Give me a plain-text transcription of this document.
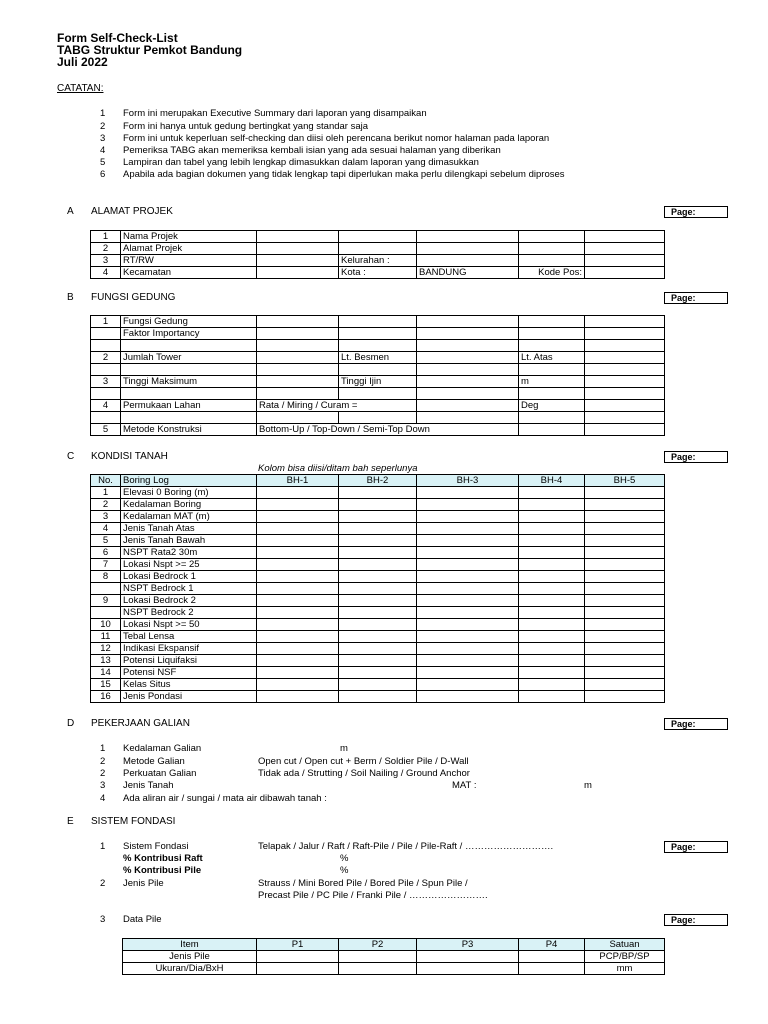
Form Self-Check-List
TABG Struktur Pemkot Bandung
Juli 2022
CATATAN:
1 Form ini merupakan Executive Summary dari laporan yang disampaikan
2 Form ini hanya untuk gedung bertingkat yang standar saja
3 Form ini untuk keperluan self-checking dan diisi oleh perencana berikut nomor halaman pada laporan
4 Pemeriksa TABG akan memeriksa kembali isian yang ada sesuai halaman yang diberikan
5 Lampiran dan tabel yang lebih lengkap dimasukkan dalam laporan yang dimasukkan
6 Apabila ada bagian dokumen yang tidak lengkap tapi diperlukan maka perlu dilengkapi sebelum diproses
A ALAMAT PROJEK	Page:
1	Nama Projek					
2	Alamat Projek					
3	RT/RW		Kelurahan :			
4	Kecamatan		Kota :	BANDUNG	Kode Pos:	
B FUNGSI GEDUNG	Page:
1	Fungsi Gedung					
	Faktor Importancy					

2	Jumlah Tower		Lt. Besmen		Lt. Atas	

3	Tinggi Maksimum		Tinggi Ijin		m	

4	Permukaan Lahan	Rata / Miring / Curam =			Deg	

5	Metode Konstruksi	Bottom-Up / Top-Down / Semi-Top Down				
C KONDISI TANAH	Page:
Kolom bisa diisi/ditam bah seperlunya
No.	Boring Log	BH-1	BH-2	BH-3	BH-4	BH-5
1	Elevasi 0 Boring (m)					
2	Kedalaman Boring					
3	Kedalaman MAT (m)					
4	Jenis Tanah Atas					
5	Jenis Tanah Bawah					
6	NSPT Rata2 30m					
7	Lokasi Nspt >= 25					
8	Lokasi Bedrock 1					
	NSPT Bedrock 1					
9	Lokasi Bedrock 2					
	NSPT Bedrock 2					
10	Lokasi Nspt >= 50					
11	Tebal Lensa					
12	Indikasi Ekspansif					
13	Potensi Liquifaksi					
14	Potensi NSF					
15	Kelas Situs					
16	Jenis Pondasi					
D PEKERJAAN GALIAN	Page:
1 Kedalaman Galian	m
2 Metode Galian	Open cut / Open cut + Berm / Soldier Pile / D-Wall
2 Perkuatan Galian	Tidak ada / Strutting / Soil Nailing / Ground Anchor
3 Jenis Tanah	MAT :	m
4 Ada aliran air / sungai / mata air dibawah tanah :
E SISTEM FONDASI
1 Sistem Fondasi	Telapak / Jalur / Raft / Raft-Pile / Pile / Pile-Raft / ……………………….	Page:
% Kontribusi Raft	%
% Kontribusi Pile	%
2 Jenis Pile	Strauss / Mini Bored Pile / Bored Pile / Spun Pile /
Precast Pile / PC Pile / Franki Pile / …………………….
3 Data Pile	Page:
Item	P1	P2	P3	P4	Satuan
Jenis Pile					PCP/BP/SP
Ukuran/Dia/BxH					mm
